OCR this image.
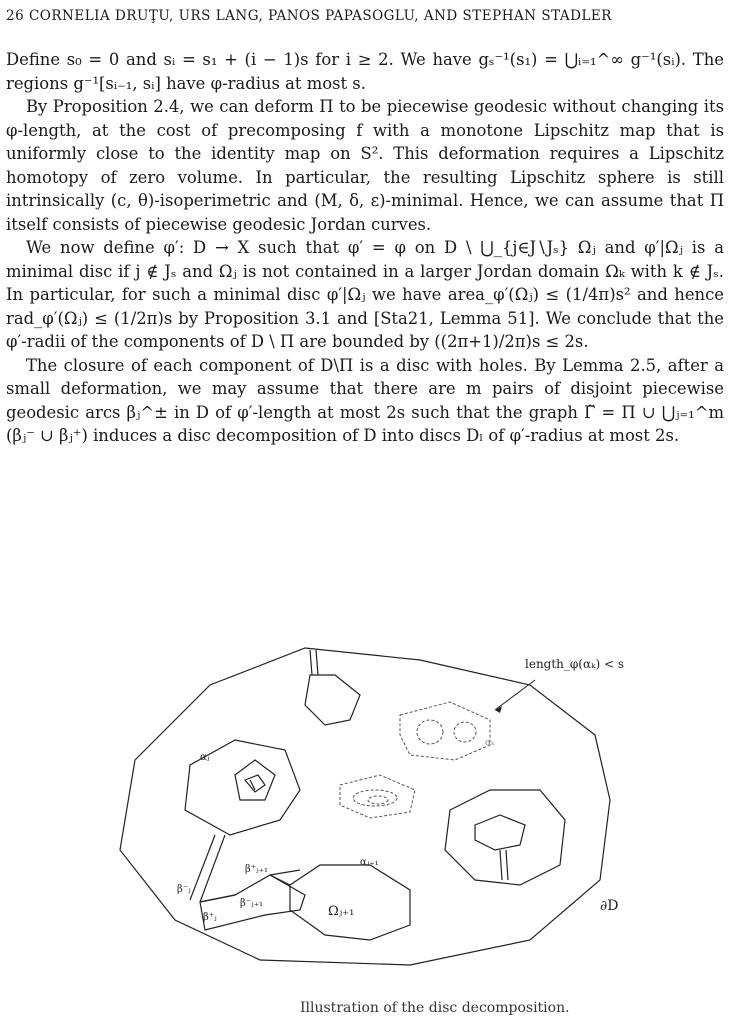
26 CORNELIA DRUŢU, URS LANG, PANOS PAPASOGLU, AND STEPHAN STADLER

Define s₀ = 0 and sᵢ = s₁ + (i − 1)s for i ≥ 2. We have gₛ⁻¹(s₁) = ⋃ᵢ₌₁^∞ g⁻¹(sᵢ). The regions g⁻¹[sᵢ₋₁, sᵢ] have φ-radius at most s.

By Proposition 2.4, we can deform Π to be piecewise geodesic without changing its φ-length, at the cost of precomposing f with a monotone Lipschitz map that is uniformly close to the identity map on S². This deformation requires a Lipschitz homotopy of zero volume. In particular, the resulting Lipschitz sphere is still intrinsically (c, θ)-isoperimetric and (M, δ, ε)-minimal. Hence, we can assume that Π itself consists of piecewise geodesic Jordan curves.

We now define φ′: D → X such that φ′ = φ on D \ ⋃_{j∈J∖Jₛ} Ωⱼ and φ′|Ωⱼ is a minimal disc if j ∉ Jₛ and Ωⱼ is not contained in a larger Jordan domain Ωₖ with k ∉ Jₛ. In particular, for such a minimal disc φ′|Ωⱼ we have area_φ′(Ωⱼ) ≤ (1/4π)s² and hence rad_φ′(Ωⱼ) ≤ (1/2π)s by Proposition 3.1 and [Sta21, Lemma 51]. We conclude that the φ′-radii of the components of D \ Π are bounded by ((2π+1)/2π)s ≤ 2s.

The closure of each component of D\Π is a disc with holes. By Lemma 2.5, after a small deformation, we may assume that there are m pairs of disjoint piecewise geodesic arcs βⱼ^± in D of φ′-length at most 2s such that the graph Γ̃ = Π ∪ ⋃ⱼ₌₁^m (βⱼ⁻ ∪ βⱼ⁺) induces a disc decomposition of D into discs Dₗ of φ′-radius at most 2s.

length_φ(αₖ) < s
αₖ
αⱼ
αⱼ₊₁
β⁺ⱼ₊₁
β⁻ⱼ₊₁
β⁻ⱼ
β⁺ⱼ	Ωⱼ₊₁	∂D
Illustration of the disc decomposition.
